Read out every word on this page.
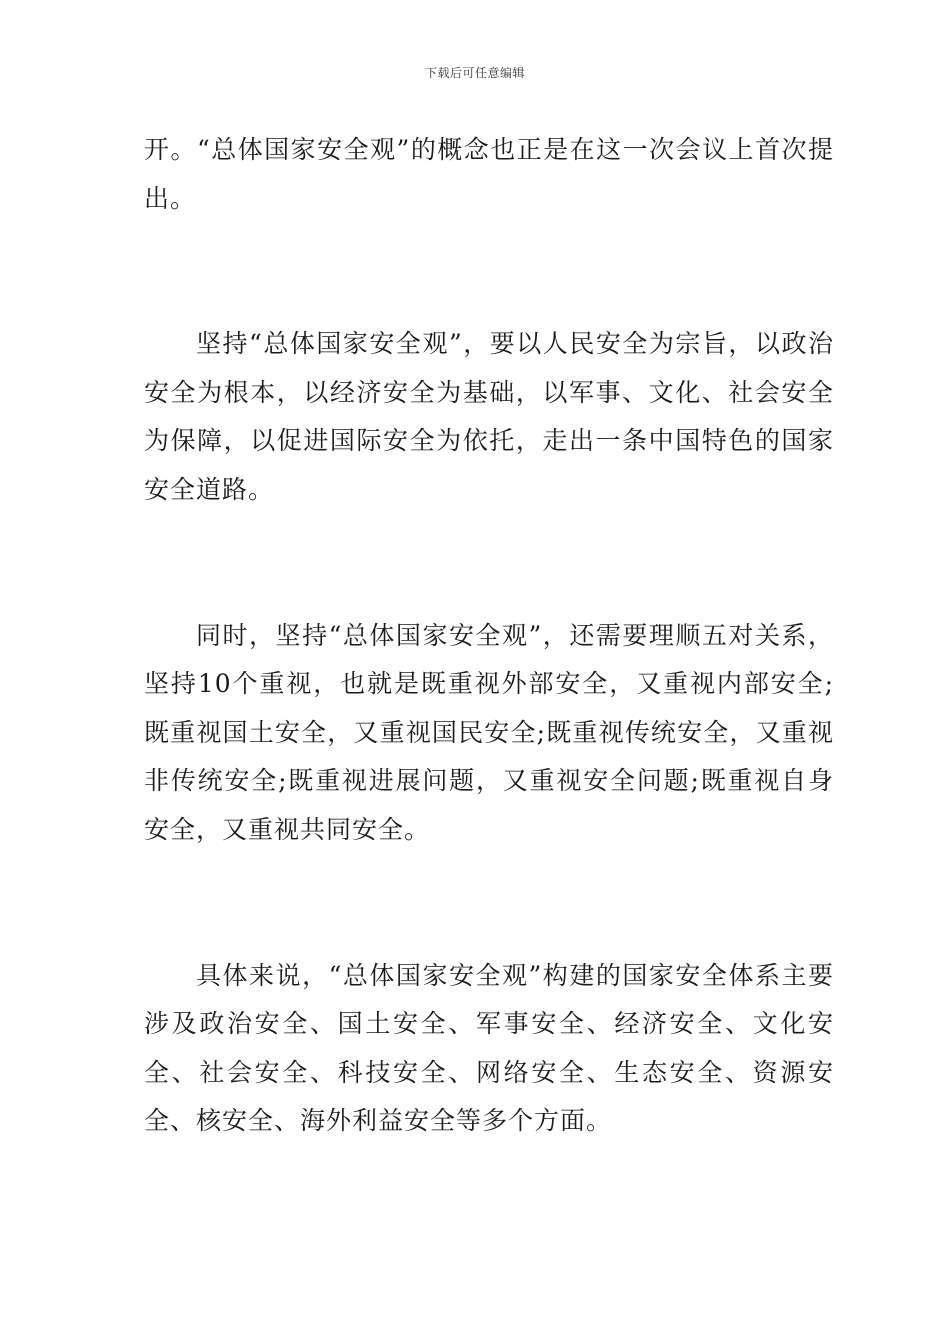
下载后可任意编辑

开。“总体国家安全观”的概念也正是在这一次会议上首次提出。

坚持“总体国家安全观”，要以人民安全为宗旨，以政治安全为根本，以经济安全为基础，以军事、文化、社会安全为保障，以促进国际安全为依托，走出一条中国特色的国家安全道路。

同时，坚持“总体国家安全观”，还需要理顺五对关系，坚持10个重视，也就是既重视外部安全，又重视内部安全;既重视国土安全，又重视国民安全;既重视传统安全，又重视非传统安全;既重视进展问题，又重视安全问题;既重视自身安全，又重视共同安全。

具体来说，“总体国家安全观”构建的国家安全体系主要涉及政治安全、国土安全、军事安全、经济安全、文化安全、社会安全、科技安全、网络安全、生态安全、资源安全、核安全、海外利益安全等多个方面。
